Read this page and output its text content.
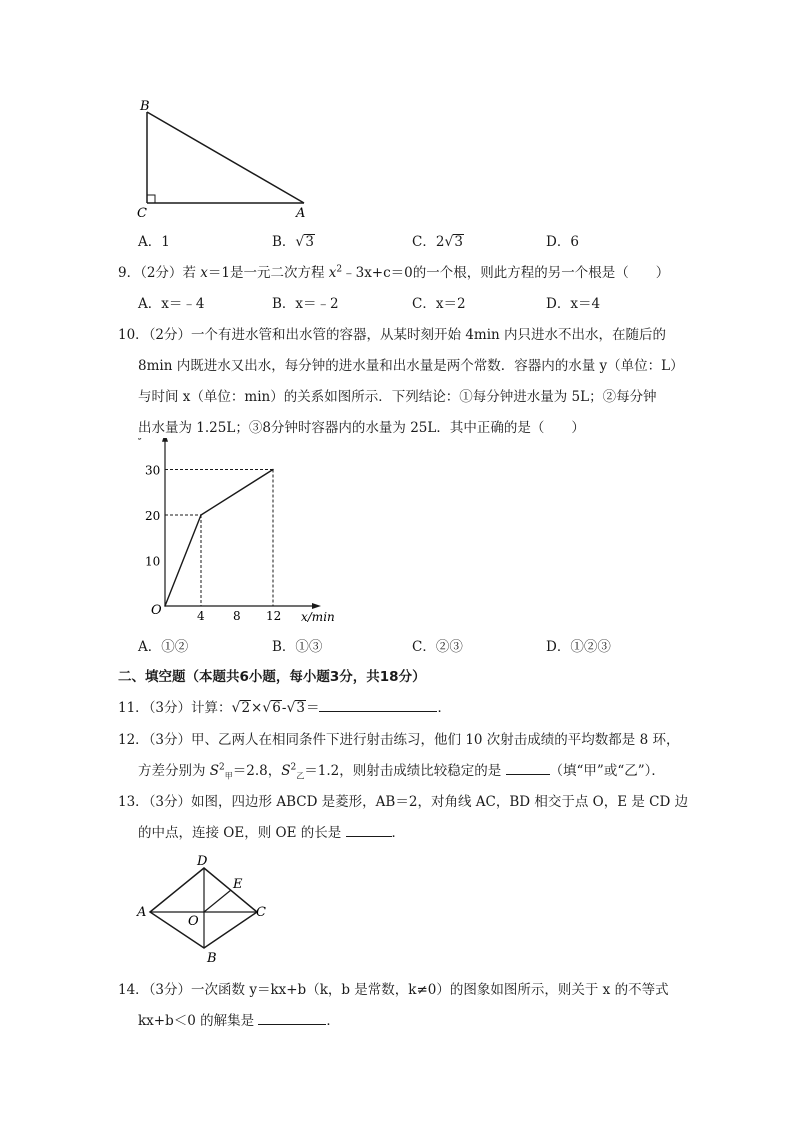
B
C	A
A．1	B．√3	C．2√3	D．6
9．（2分）若 x＝1是一元二次方程 $x^2﹣3x+c=0$的一个根，则此方程的另一个根是（　　）
A．x＝﹣4	B．x＝﹣2	C．x＝2	D．x＝4
10．（2分）一个有进水管和出水管的容器，从某时刻开始 4min 内只进水不出水，在随后的
8min 内既进水又出水，每分钟的进水量和出水量是两个常数．容器内的水量 y（单位：L）
与时间 x（单位：min）的关系如图所示．下列结论：①每分钟进水量为 5L；②每分钟
出水量为 1.25L；③8分钟时容器内的水量为 25L．其中正确的是（　　）
x/min
O
10
20
30
4 8 12
A．①②	B．①③	C．②③	D．①②③
二、填空题（本题共6小题，每小题3分，共18分）
11．（3分）计算：√2×√6-√3＝	．
12．（3分）甲、乙两人在相同条件下进行射击练习，他们 10 次射击成绩的平均数都是 8 环，
方差分别为 $S^2_甲=2.8$，$S^2_乙=1.2$，则射击成绩比较稳定的是	（填“甲”或“乙”）．
13．（3分）如图，四边形 ABCD 是菱形，AB＝2，对角线 AC，BD 相交于点 O，E 是 CD 边
的中点，连接 OE，则 OE 的长是	．
D
E
A
O
C
B
14．（3分）一次函数 y＝kx+b（k，b 是常数，k≠0）的图象如图所示，则关于 x 的不等式
kx+b＜0 的解集是	．
